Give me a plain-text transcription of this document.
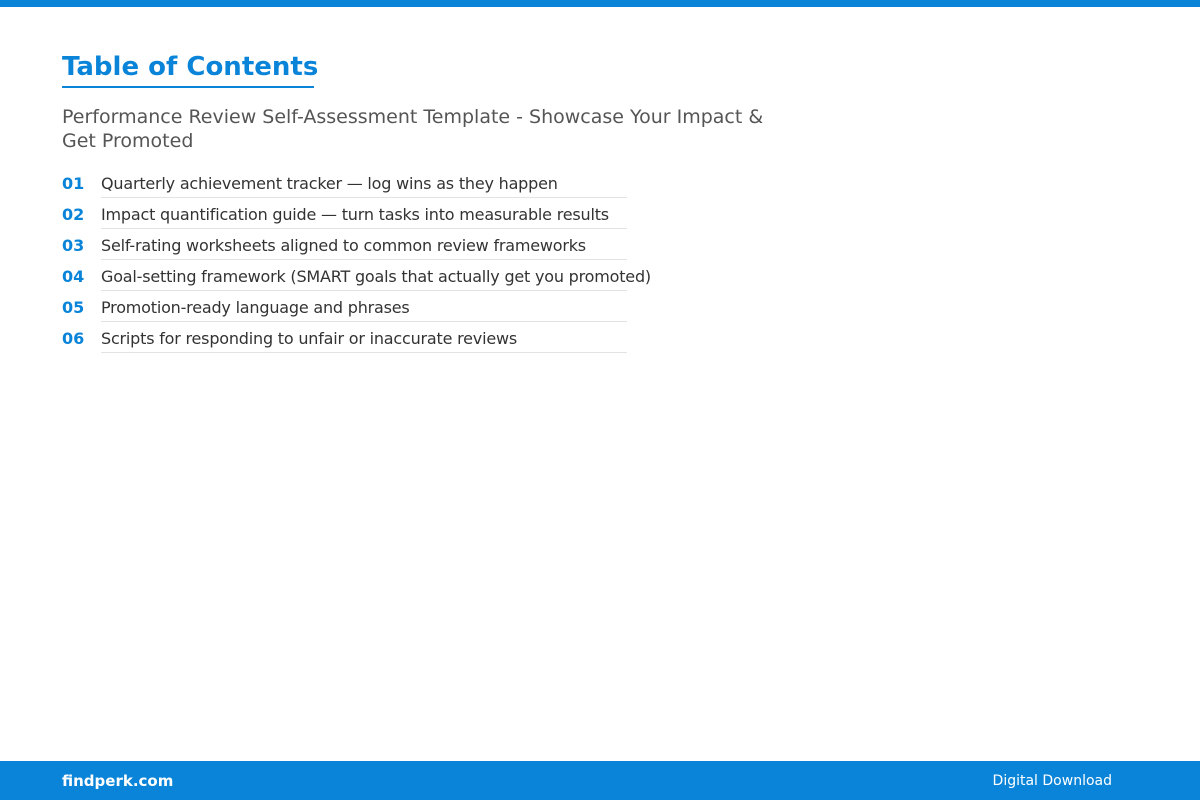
Table of Contents
Performance Review Self-Assessment Template - Showcase Your Impact & Get Promoted
01	Quarterly achievement tracker — log wins as they happen
02	Impact quantification guide — turn tasks into measurable results
03	Self-rating worksheets aligned to common review frameworks
04	Goal-setting framework (SMART goals that actually get you promoted)
05	Promotion-ready language and phrases
06	Scripts for responding to unfair or inaccurate reviews
findperk.com	Digital Download
